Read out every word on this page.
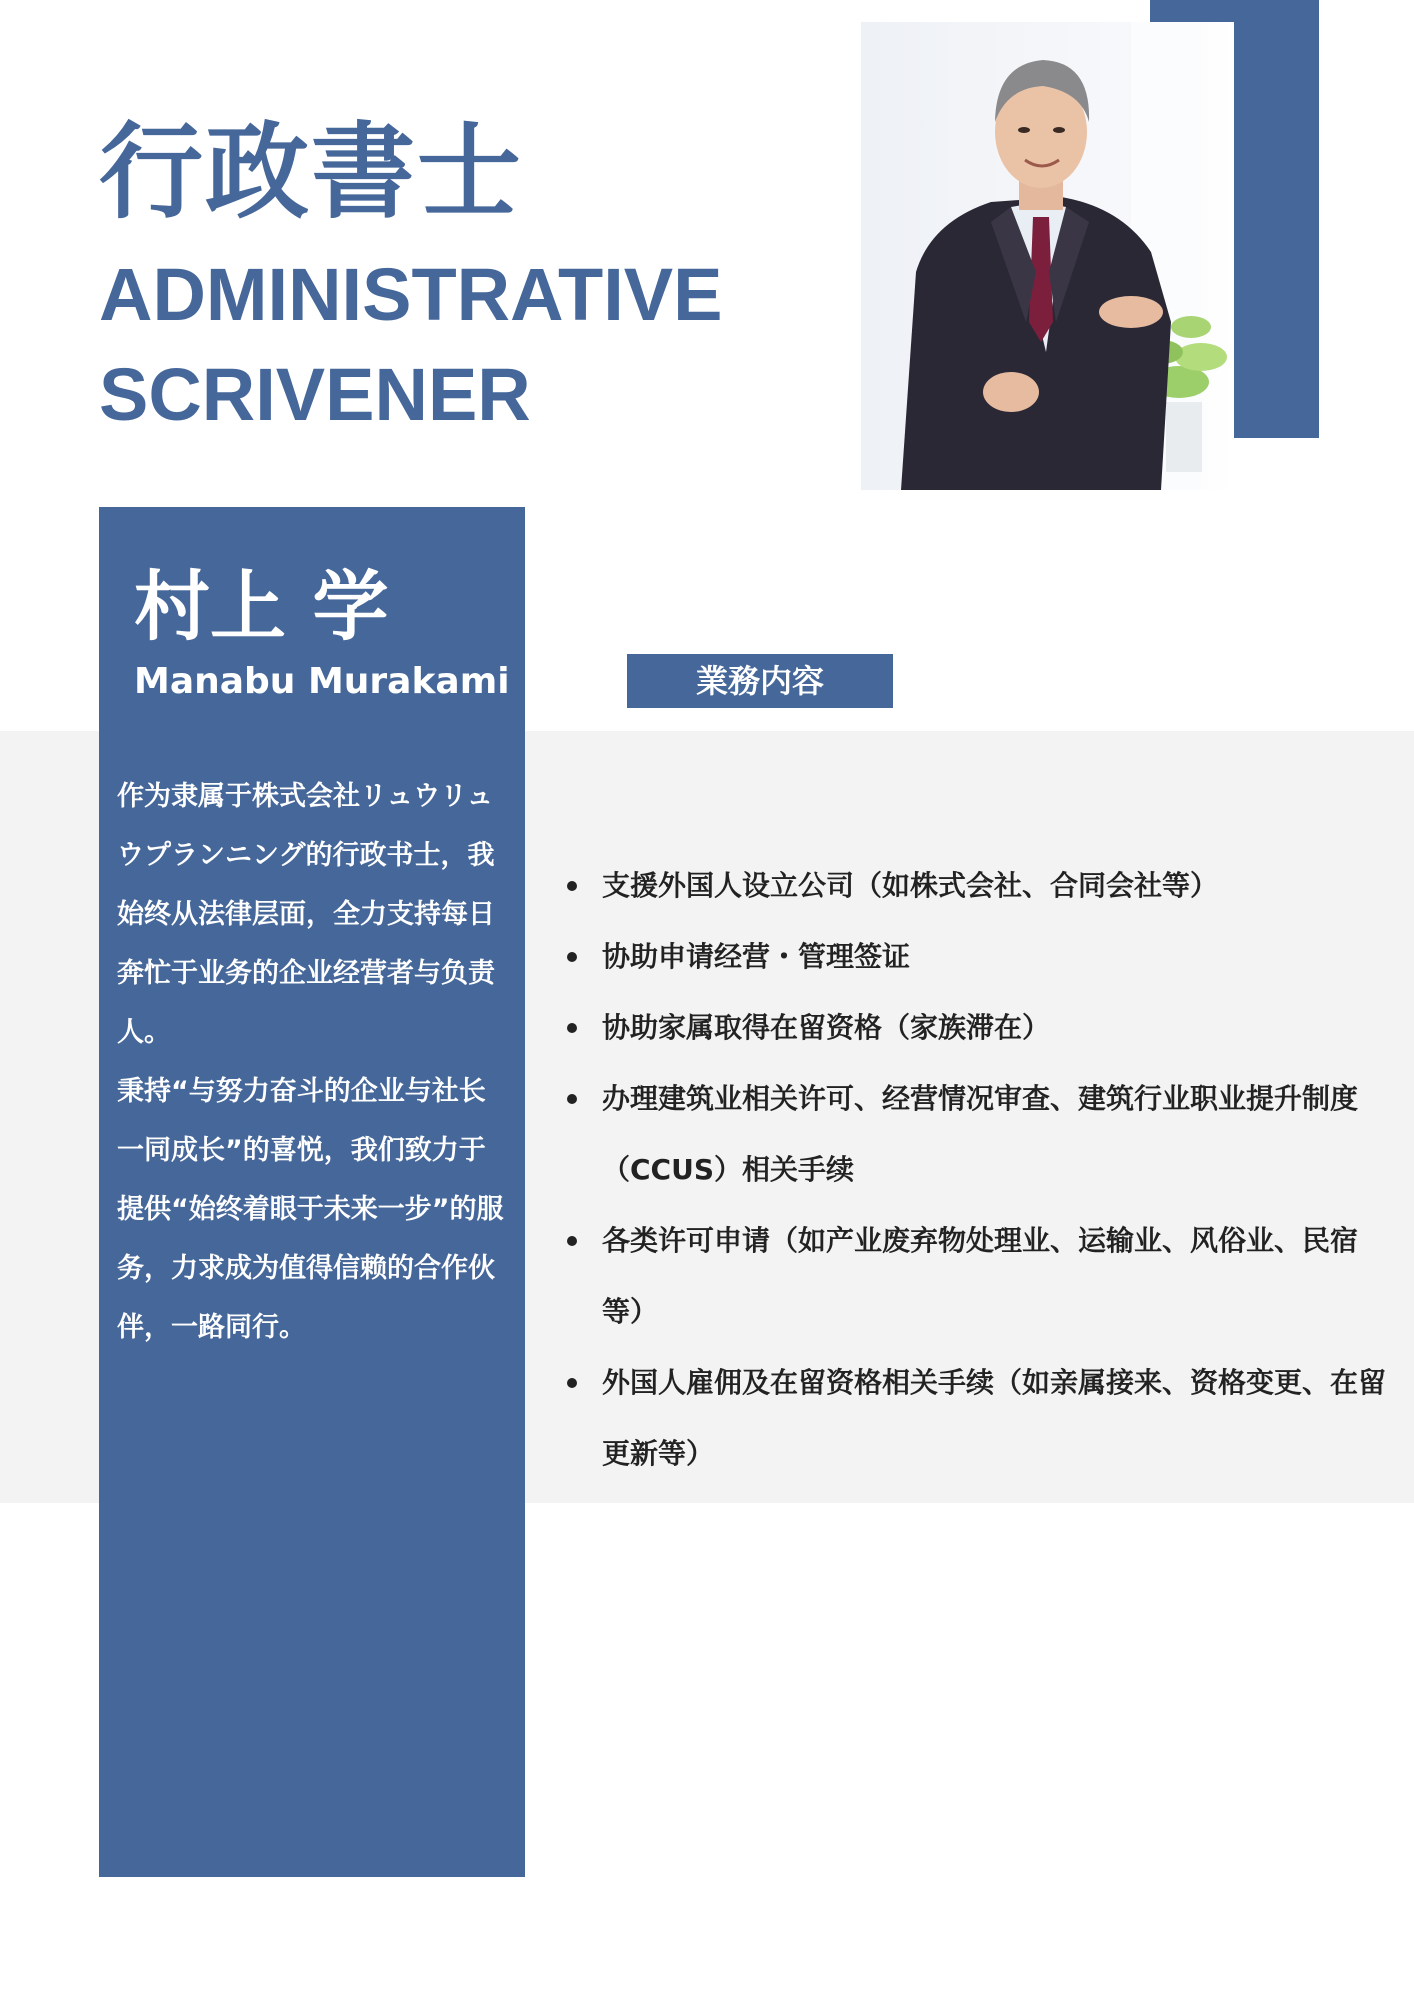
行政書士
ADMINISTRATIVE
SCRIVENER
村上 学
Manabu Murakami

作为隶属于株式会社リュウリュウプランニング的行政书士，我始终从法律层面，全力支持每日奔忙于业务的企业经营者与负责人。

秉持“与努力奋斗的企业与社长一同成长”的喜悦，我们致力于提供“始终着眼于未来一步”的服务，力求成为值得信赖的合作伙伴，一路同行。

業務内容
支援外国人设立公司（如株式会社、合同会社等）
协助申请经营・管理签证
协助家属取得在留资格（家族滞在）
办理建筑业相关许可、经营情况审查、建筑行业职业提升制度（CCUS）相关手续
各类许可申请（如产业废弃物处理业、运输业、风俗业、民宿等）
外国人雇佣及在留资格相关手续（如亲属接来、资格变更、在留更新等）
